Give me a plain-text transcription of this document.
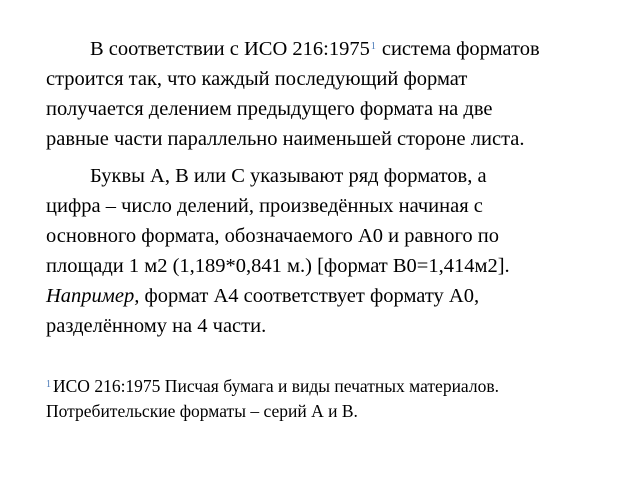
В соответствии с ИСО 216:1975$^1$ система форматов
строится так, что каждый последующий формат
получается делением предыдущего формата на две
равные части параллельно наименьшей стороне листа.

Буквы А, В или С указывают ряд форматов, а
цифра – число делений, произведённых начиная с
основного формата, обозначаемого А0 и равного по
площади 1 м2 (1,189*0,841 м.) [формат В0=1,414м2].
Например, формат А4 соответствует формату А0,
разделённому на 4 части.

$^1$ ИСО 216:1975 Писчая бумага и виды печатных материалов.
Потребительские форматы – серий А и В.
